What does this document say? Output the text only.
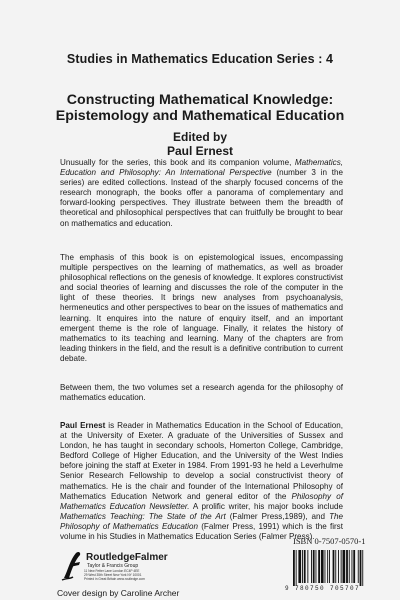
Studies in Mathematics Education Series : 4
Constructing Mathematical Knowledge:
Epistemology and Mathematical Education
Edited by
Paul Ernest

Unusually for the series, this book and its companion volume, Mathematics, Education and Philosophy: An International Perspective (number 3 in the series) are edited collections. Instead of the sharply focused concerns of the research monograph, the books offer a panorama of complementary and forward-looking perspectives. They illustrate between them the breadth of theoretical and philosophical perspectives that can fruitfully be brought to bear on mathematics and education.

The emphasis of this book is on epistemological issues, encompassing multiple perspectives on the learning of mathematics, as well as broader philosophical reflections on the genesis of knowledge. It explores constructivist and social theories of learning and discusses the role of the computer in the light of these theories. It brings new analyses from psychoanalysis, hermeneutics and other perspectives to bear on the issues of mathematics and learning. It enquires into the nature of enquiry itself, and an important emergent theme is the role of language. Finally, it relates the history of mathematics to its teaching and learning. Many of the chapters are from leading thinkers in the field, and the result is a definitive contribution to current debate.

Between them, the two volumes set a research agenda for the philosophy of mathematics education.

Paul Ernest is Reader in Mathematics Education in the School of Education, at the University of Exeter. A graduate of the Universities of Sussex and London, he has taught in secondary schools, Homerton College, Cambridge, Bedford College of Higher Education, and the University of the West Indies before joining the staff at Exeter in 1984. From 1991-93 he held a Leverhulme Senior Research Fellowship to develop a social constructivist theory of mathematics. He is the chair and founder of the International Philosophy of Mathematics Education Network and general editor of the Philosophy of Mathematics Education Newsletter. A prolific writer, his major books include Mathematics Teaching: The State of the Art (Falmer Press,1989), and The Philosophy of Mathematics Education (Falmer Press, 1991) which is the first volume in his Studies in Mathematics Education Series (Falmer Press).

ISBN 0-7507-0570-1
RoutledgeFalmer
Taylor & Francis Group
11 New Fetter Lane London EC4P 4EE
29 West 35th Street New York NY 10001
Printed in Great Britain www.routledge.com
9 780750 705707
Cover design by Caroline Archer
